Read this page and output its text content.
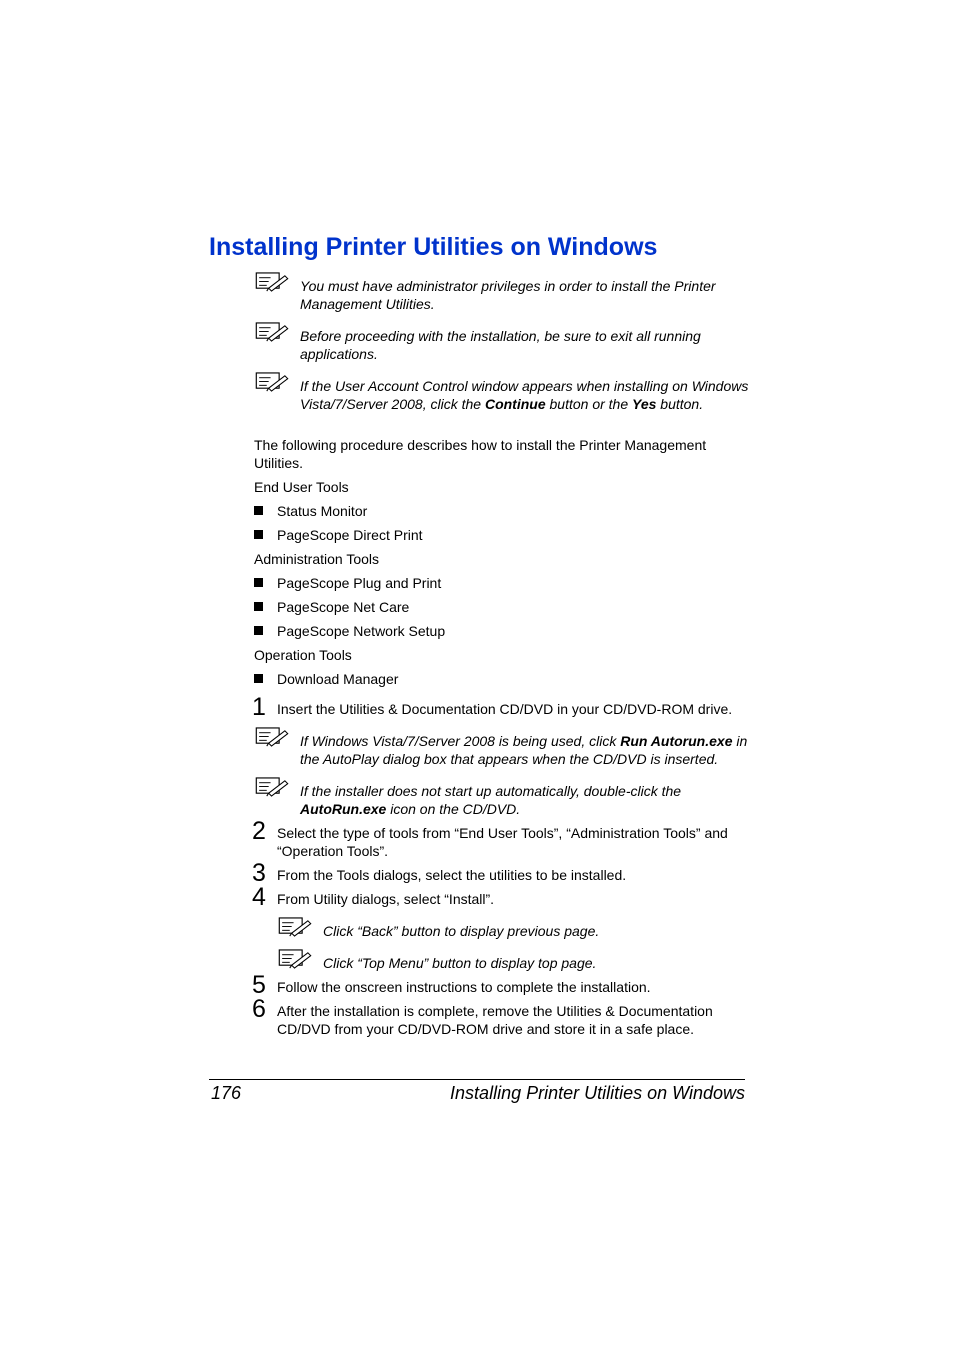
Installing Printer Utilities on Windows
You must have administrator privileges in order to install the Printer Management Utilities.
Before proceeding with the installation, be sure to exit all running applications.
If the User Account Control window appears when installing on Windows Vista/7/Server 2008, click the Continue button or the Yes button.
The following procedure describes how to install the Printer Management Utilities.
End User Tools
Status Monitor
PageScope Direct Print
Administration Tools
PageScope Plug and Print
PageScope Net Care
PageScope Network Setup
Operation Tools
Download Manager
1 Insert the Utilities & Documentation CD/DVD in your CD/DVD-ROM drive.
If Windows Vista/7/Server 2008 is being used, click Run Autorun.exe in the AutoPlay dialog box that appears when the CD/DVD is inserted.
If the installer does not start up automatically, double-click the AutoRun.exe icon on the CD/DVD.
2 Select the type of tools from “End User Tools”, “Administration Tools” and “Operation Tools”.
3 From the Tools dialogs, select the utilities to be installed.
4 From Utility dialogs, select “Install”.
Click “Back” button to display previous page.
Click “Top Menu” button to display top page.
5 Follow the onscreen instructions to complete the installation.
6 After the installation is complete, remove the Utilities & Documentation CD/DVD from your CD/DVD-ROM drive and store it in a safe place.
176	Installing Printer Utilities on Windows
